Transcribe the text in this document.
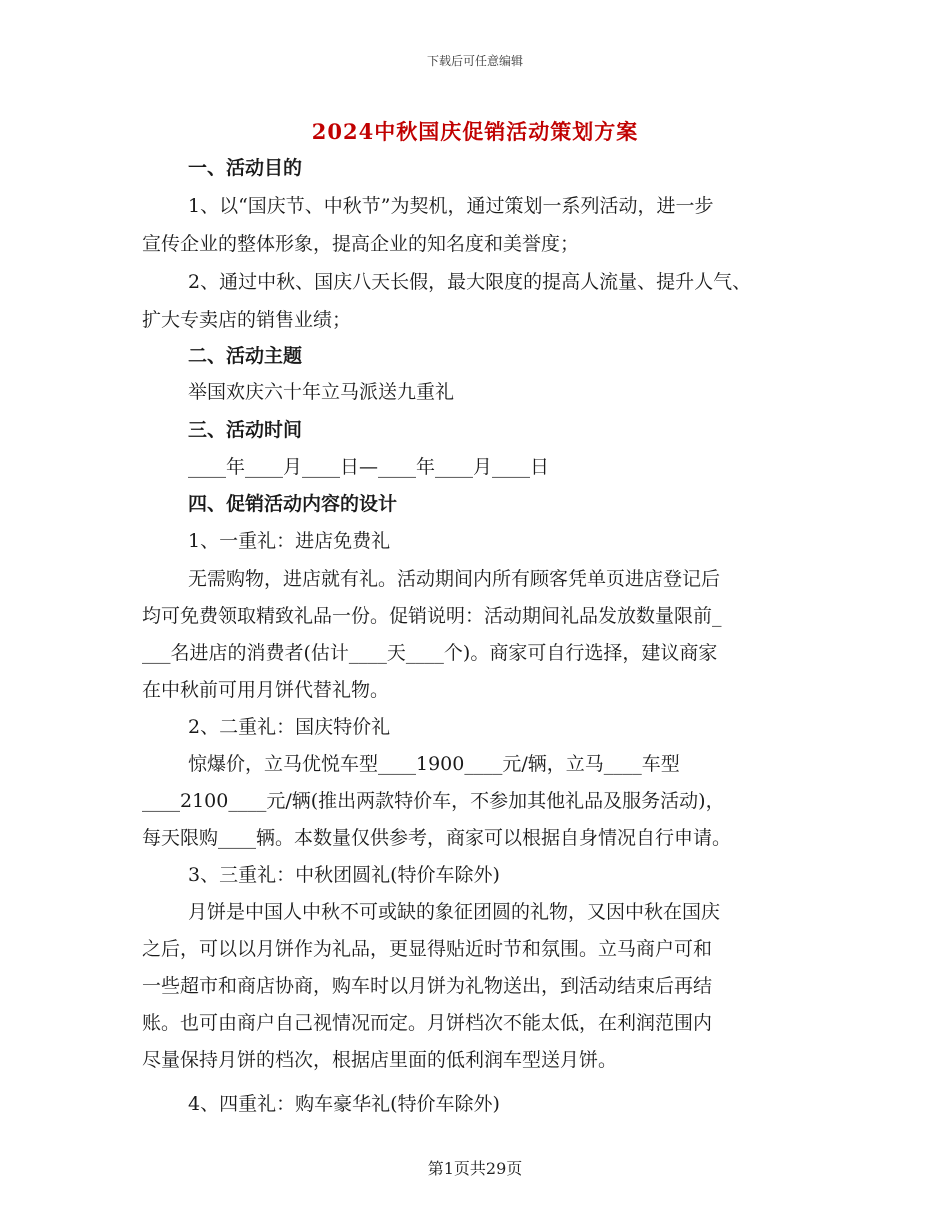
下载后可任意编辑
2024中秋国庆促销活动策划方案
一、活动目的
1、以“国庆节、中秋节”为契机，通过策划一系列活动，进一步
宣传企业的整体形象，提高企业的知名度和美誉度；
2、通过中秋、国庆八天长假，最大限度的提高人流量、提升人气、
扩大专卖店的销售业绩；
二、活动主题
举国欢庆六十年立马派送九重礼
三、活动时间
____年____月____日—____年____月____日
四、促销活动内容的设计
1、一重礼：进店免费礼
无需购物，进店就有礼。活动期间内所有顾客凭单页进店登记后
均可免费领取精致礼品一份。促销说明：活动期间礼品发放数量限前_
___名进店的消费者(估计____天____个)。商家可自行选择，建议商家
在中秋前可用月饼代替礼物。
2、二重礼：国庆特价礼
惊爆价，立马优悦车型____1900____元/辆，立马____车型
____2100____元/辆(推出两款特价车，不参加其他礼品及服务活动)，
每天限购____辆。本数量仅供参考，商家可以根据自身情况自行申请。
3、三重礼：中秋团圆礼(特价车除外)
月饼是中国人中秋不可或缺的象征团圆的礼物，又因中秋在国庆
之后，可以以月饼作为礼品，更显得贴近时节和氛围。立马商户可和
一些超市和商店协商，购车时以月饼为礼物送出，到活动结束后再结
账。也可由商户自己视情况而定。月饼档次不能太低，在利润范围内
尽量保持月饼的档次，根据店里面的低利润车型送月饼。
4、四重礼：购车豪华礼(特价车除外)
第1页共29页
